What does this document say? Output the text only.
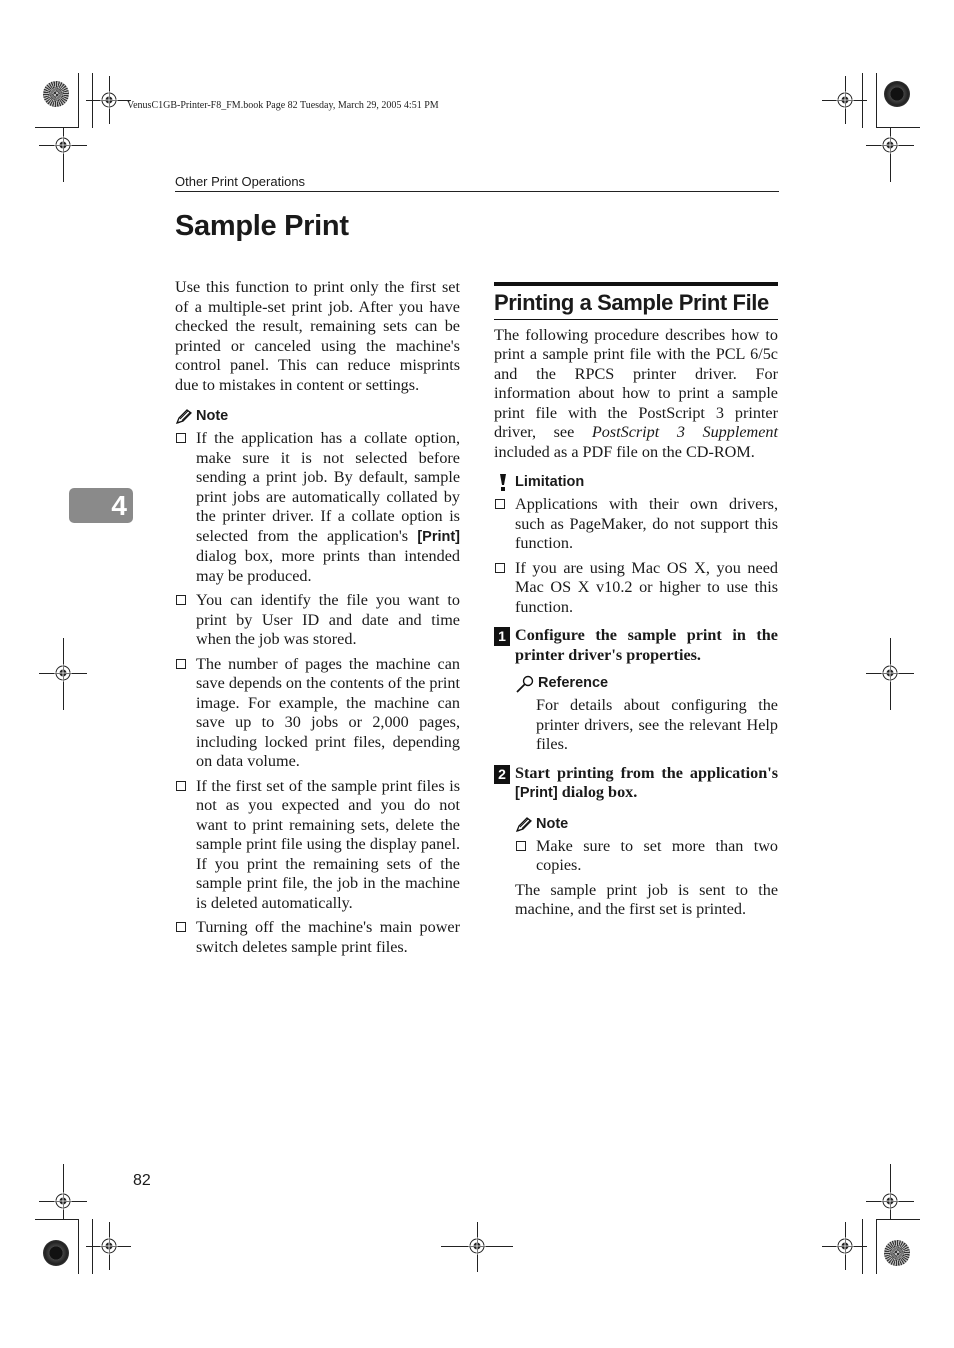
VenusC1GB-Printer-F8_FM.book Page 82 Tuesday, March 29, 2005 4:51 PM
Other Print Operations
Sample Print
4

Use this function to print only the first set of a multiple-set print job. After you have checked the result, remaining sets can be printed or canceled using the machine's control panel. This can reduce misprints due to mistakes in content or settings.

Note
If the application has a collate option, make sure it is not selected before sending a print job. By default, sample print jobs are automatically collated by the printer driver. If a collate option is selected from the application's [Print] dialog box, more prints than intended may be produced.
You can identify the file you want to print by User ID and date and time when the job was stored.
The number of pages the machine can save depends on the contents of the print image. For example, the machine can save up to 30 jobs or 2,000 pages, including locked print files, depending on data volume.
If the first set of the sample print files is not as you expected and you do not want to print remaining sets, delete the sample print file using the display panel. If you print the remaining sets of the sample print file, the job in the machine is deleted automatically.
Turning off the machine's main power switch deletes sample print files.
Printing a Sample Print File

The following procedure describes how to print a sample print file with the PCL 6/5c and the RPCS printer driver. For information about how to print a sample print file with the PostScript 3 printer driver, see PostScript 3 Supplement included as a PDF file on the CD-ROM.

Limitation
Applications with their own drivers, such as PageMaker, do not support this function.
If you are using Mac OS X, you need Mac OS X v10.2 or higher to use this function.
1 Configure the sample print in the printer driver's properties.
Reference

For details about configuring the printer drivers, see the relevant Help files.

2 Start printing from the application's [Print] dialog box.
Note
Make sure to set more than two copies.

The sample print job is sent to the machine, and the first set is printed.

82
